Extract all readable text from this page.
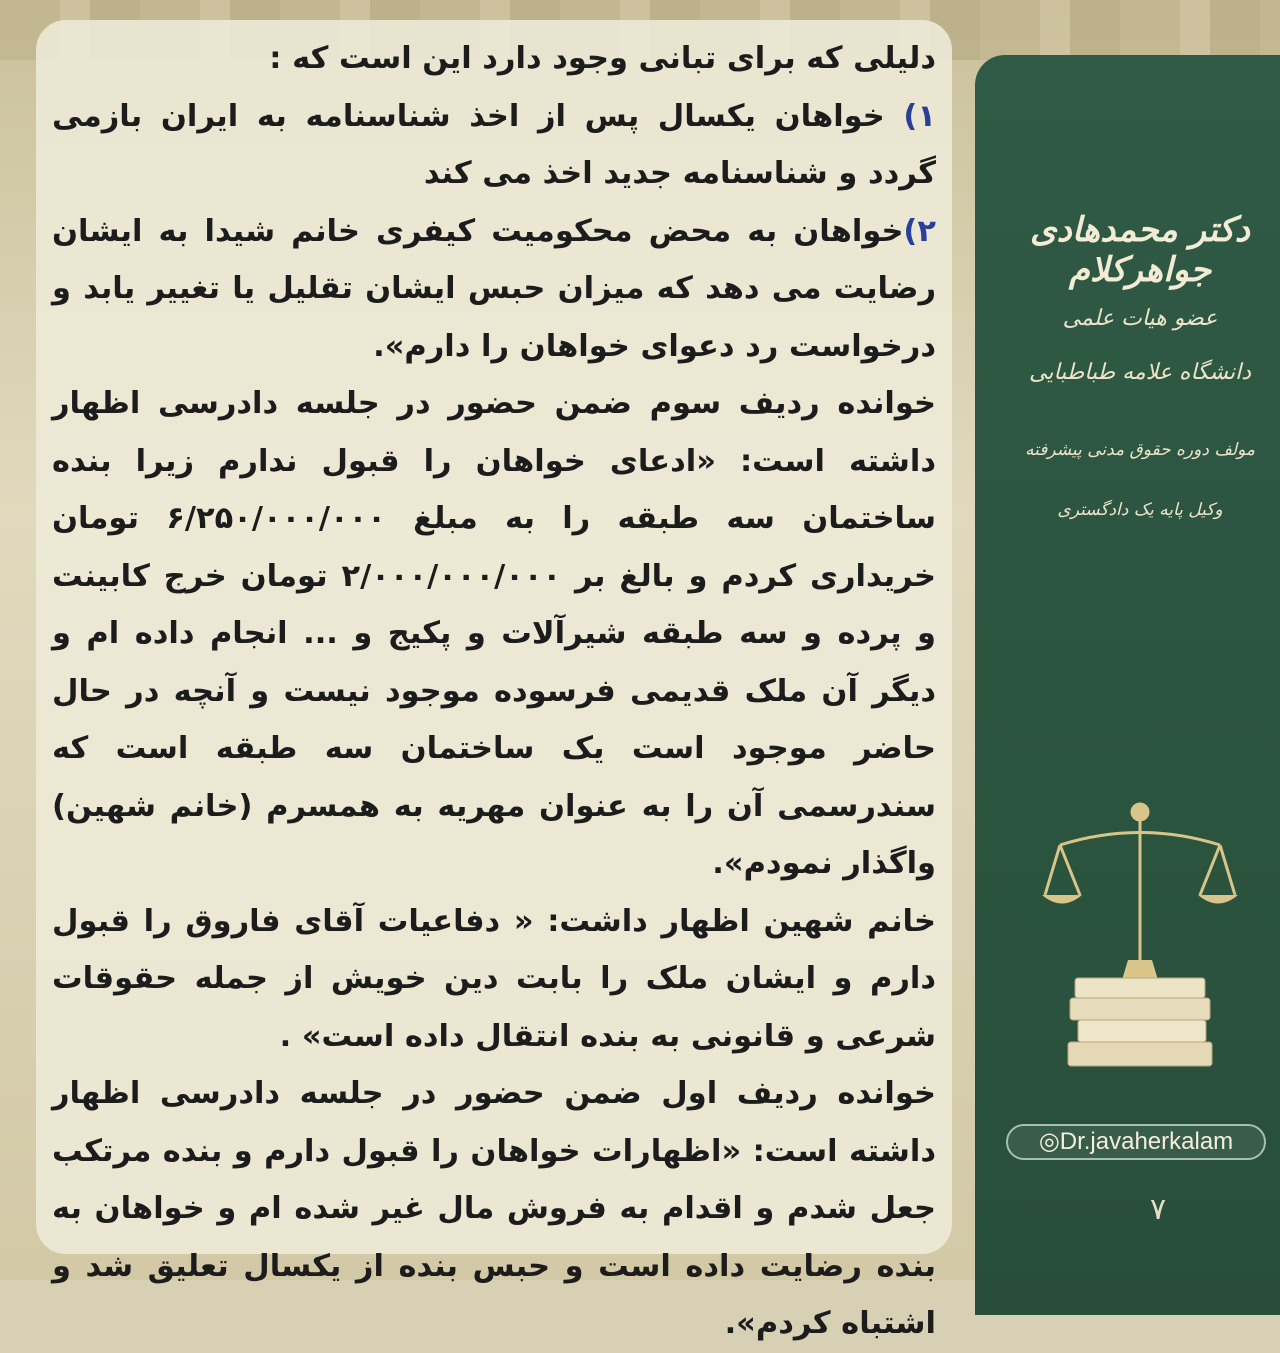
دلیلی که برای تبانی وجود دارد این است که :

۱) خواهان یکسال پس از اخذ شناسنامه به ایران بازمی گردد و شناسنامه جدید اخذ می کند

۲)خواهان به محض محکومیت کیفری خانم شیدا به ایشان رضایت می دهد که میزان حبس ایشان تقلیل یا تغییر یابد و درخواست رد دعوای خواهان را دارم».

خوانده ردیف سوم ضمن حضور در جلسه دادرسی اظهار داشته است: «ادعای خواهان را قبول ندارم زیرا بنده ساختمان سه طبقه را به مبلغ ۶/۲۵۰/۰۰۰/۰۰۰ تومان خریداری کردم و بالغ بر ۲/۰۰۰/۰۰۰/۰۰۰ تومان خرج کابینت و پرده و سه طبقه شیرآلات و پکیج و ... انجام داده ام و دیگر آن ملک قدیمی فرسوده موجود نیست و آنچه در حال حاضر موجود است یک ساختمان سه طبقه است که سندرسمی آن را به عنوان مهریه به همسرم (خانم شهین) واگذار نمودم».

خانم شهین اظهار داشت: « دفاعیات آقای فاروق را قبول دارم و ایشان ملک را بابت دین خویش از جمله حقوقات شرعی و قانونی به بنده انتقال داده است» .

خوانده ردیف اول ضمن حضور در جلسه دادرسی اظهار داشته است: «اظهارات خواهان را قبول دارم و بنده مرتکب جعل شدم و اقدام به فروش مال غیر شده ام و خواهان به بنده رضایت داده است و حبس بنده از یکسال تعلیق شد و اشتباه کردم».

دکتر محمدهادی جواهرکلام
عضو هیات علمی
دانشگاه علامه طباطبایی
مولف دوره حقوق مدنی پیشرفته
وکیل پایه یک دادگستری
◎Dr.javaherkalam
۷
